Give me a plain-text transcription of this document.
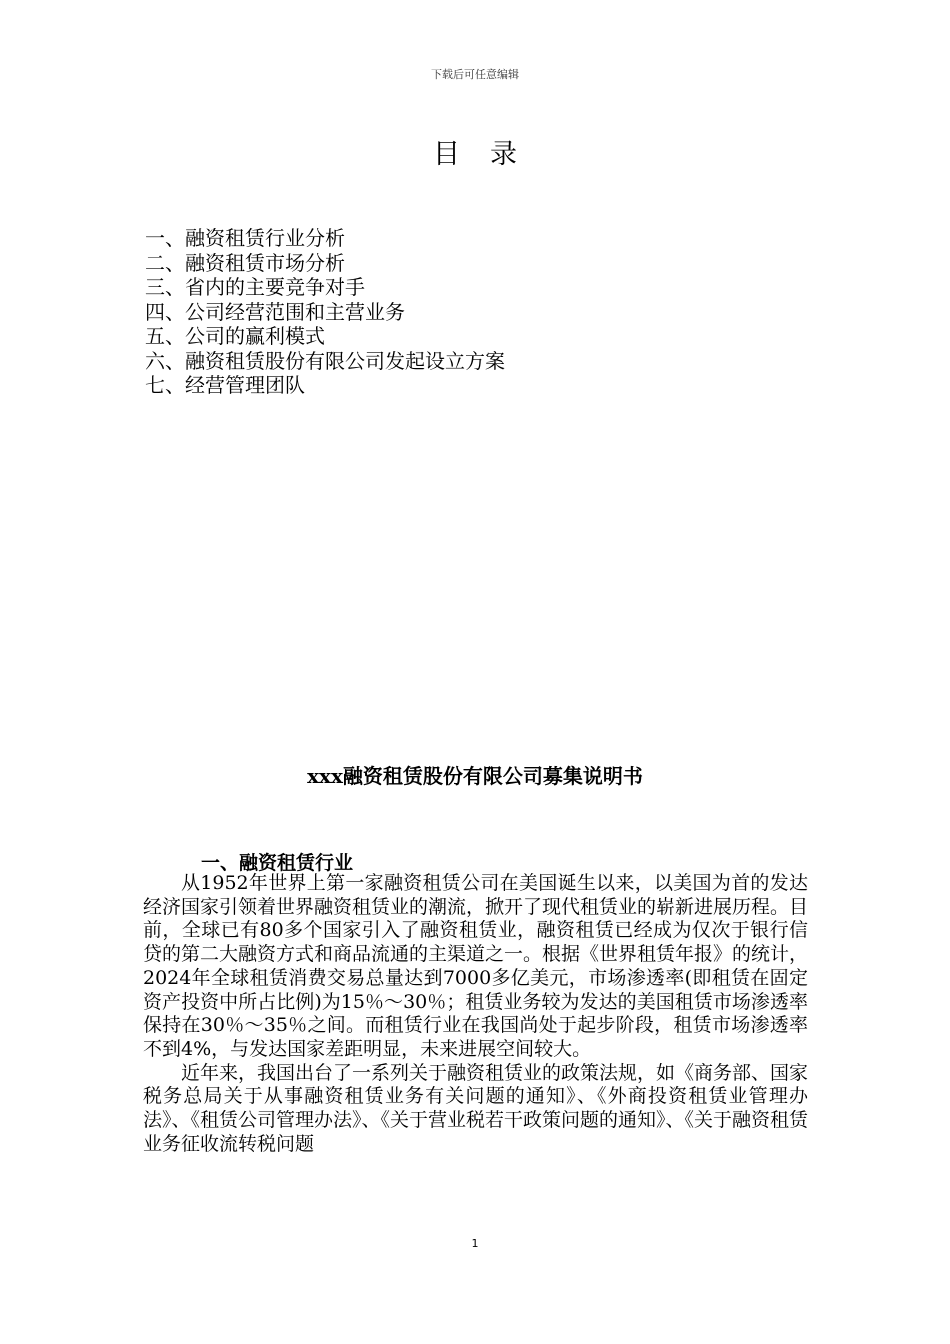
下载后可任意编辑
目录
一、融资租赁行业分析
二、融资租赁市场分析
三、省内的主要竞争对手
四、公司经营范围和主营业务
五、公司的赢利模式
六、融资租赁股份有限公司发起设立方案
七、经营管理团队
xxx融资租赁股份有限公司募集说明书
一、融资租赁行业

从1952年世界上第一家融资租赁公司在美国诞生以来，以美国为首的发达经济国家引领着世界融资租赁业的潮流，掀开了现代租赁业的崭新进展历程。目前，全球已有80多个国家引入了融资租赁业，融资租赁已经成为仅次于银行信贷的第二大融资方式和商品流通的主渠道之一。根据《世界租赁年报》的统计，2024年全球租赁消费交易总量达到7000多亿美元，市场渗透率(即租赁在固定资产投资中所占比例)为15％～30％；租赁业务较为发达的美国租赁市场渗透率保持在30％～35％之间。而租赁行业在我国尚处于起步阶段，租赁市场渗透率不到4%，与发达国家差距明显，未来进展空间较大。

近年来，我国出台了一系列关于融资租赁业的政策法规，如《商务部、国家税务总局关于从事融资租赁业务有关问题的通知》、《外商投资租赁业管理办法》、《租赁公司管理办法》、《关于营业税若干政策问题的通知》、《关于融资租赁业务征收流转税问题

1
